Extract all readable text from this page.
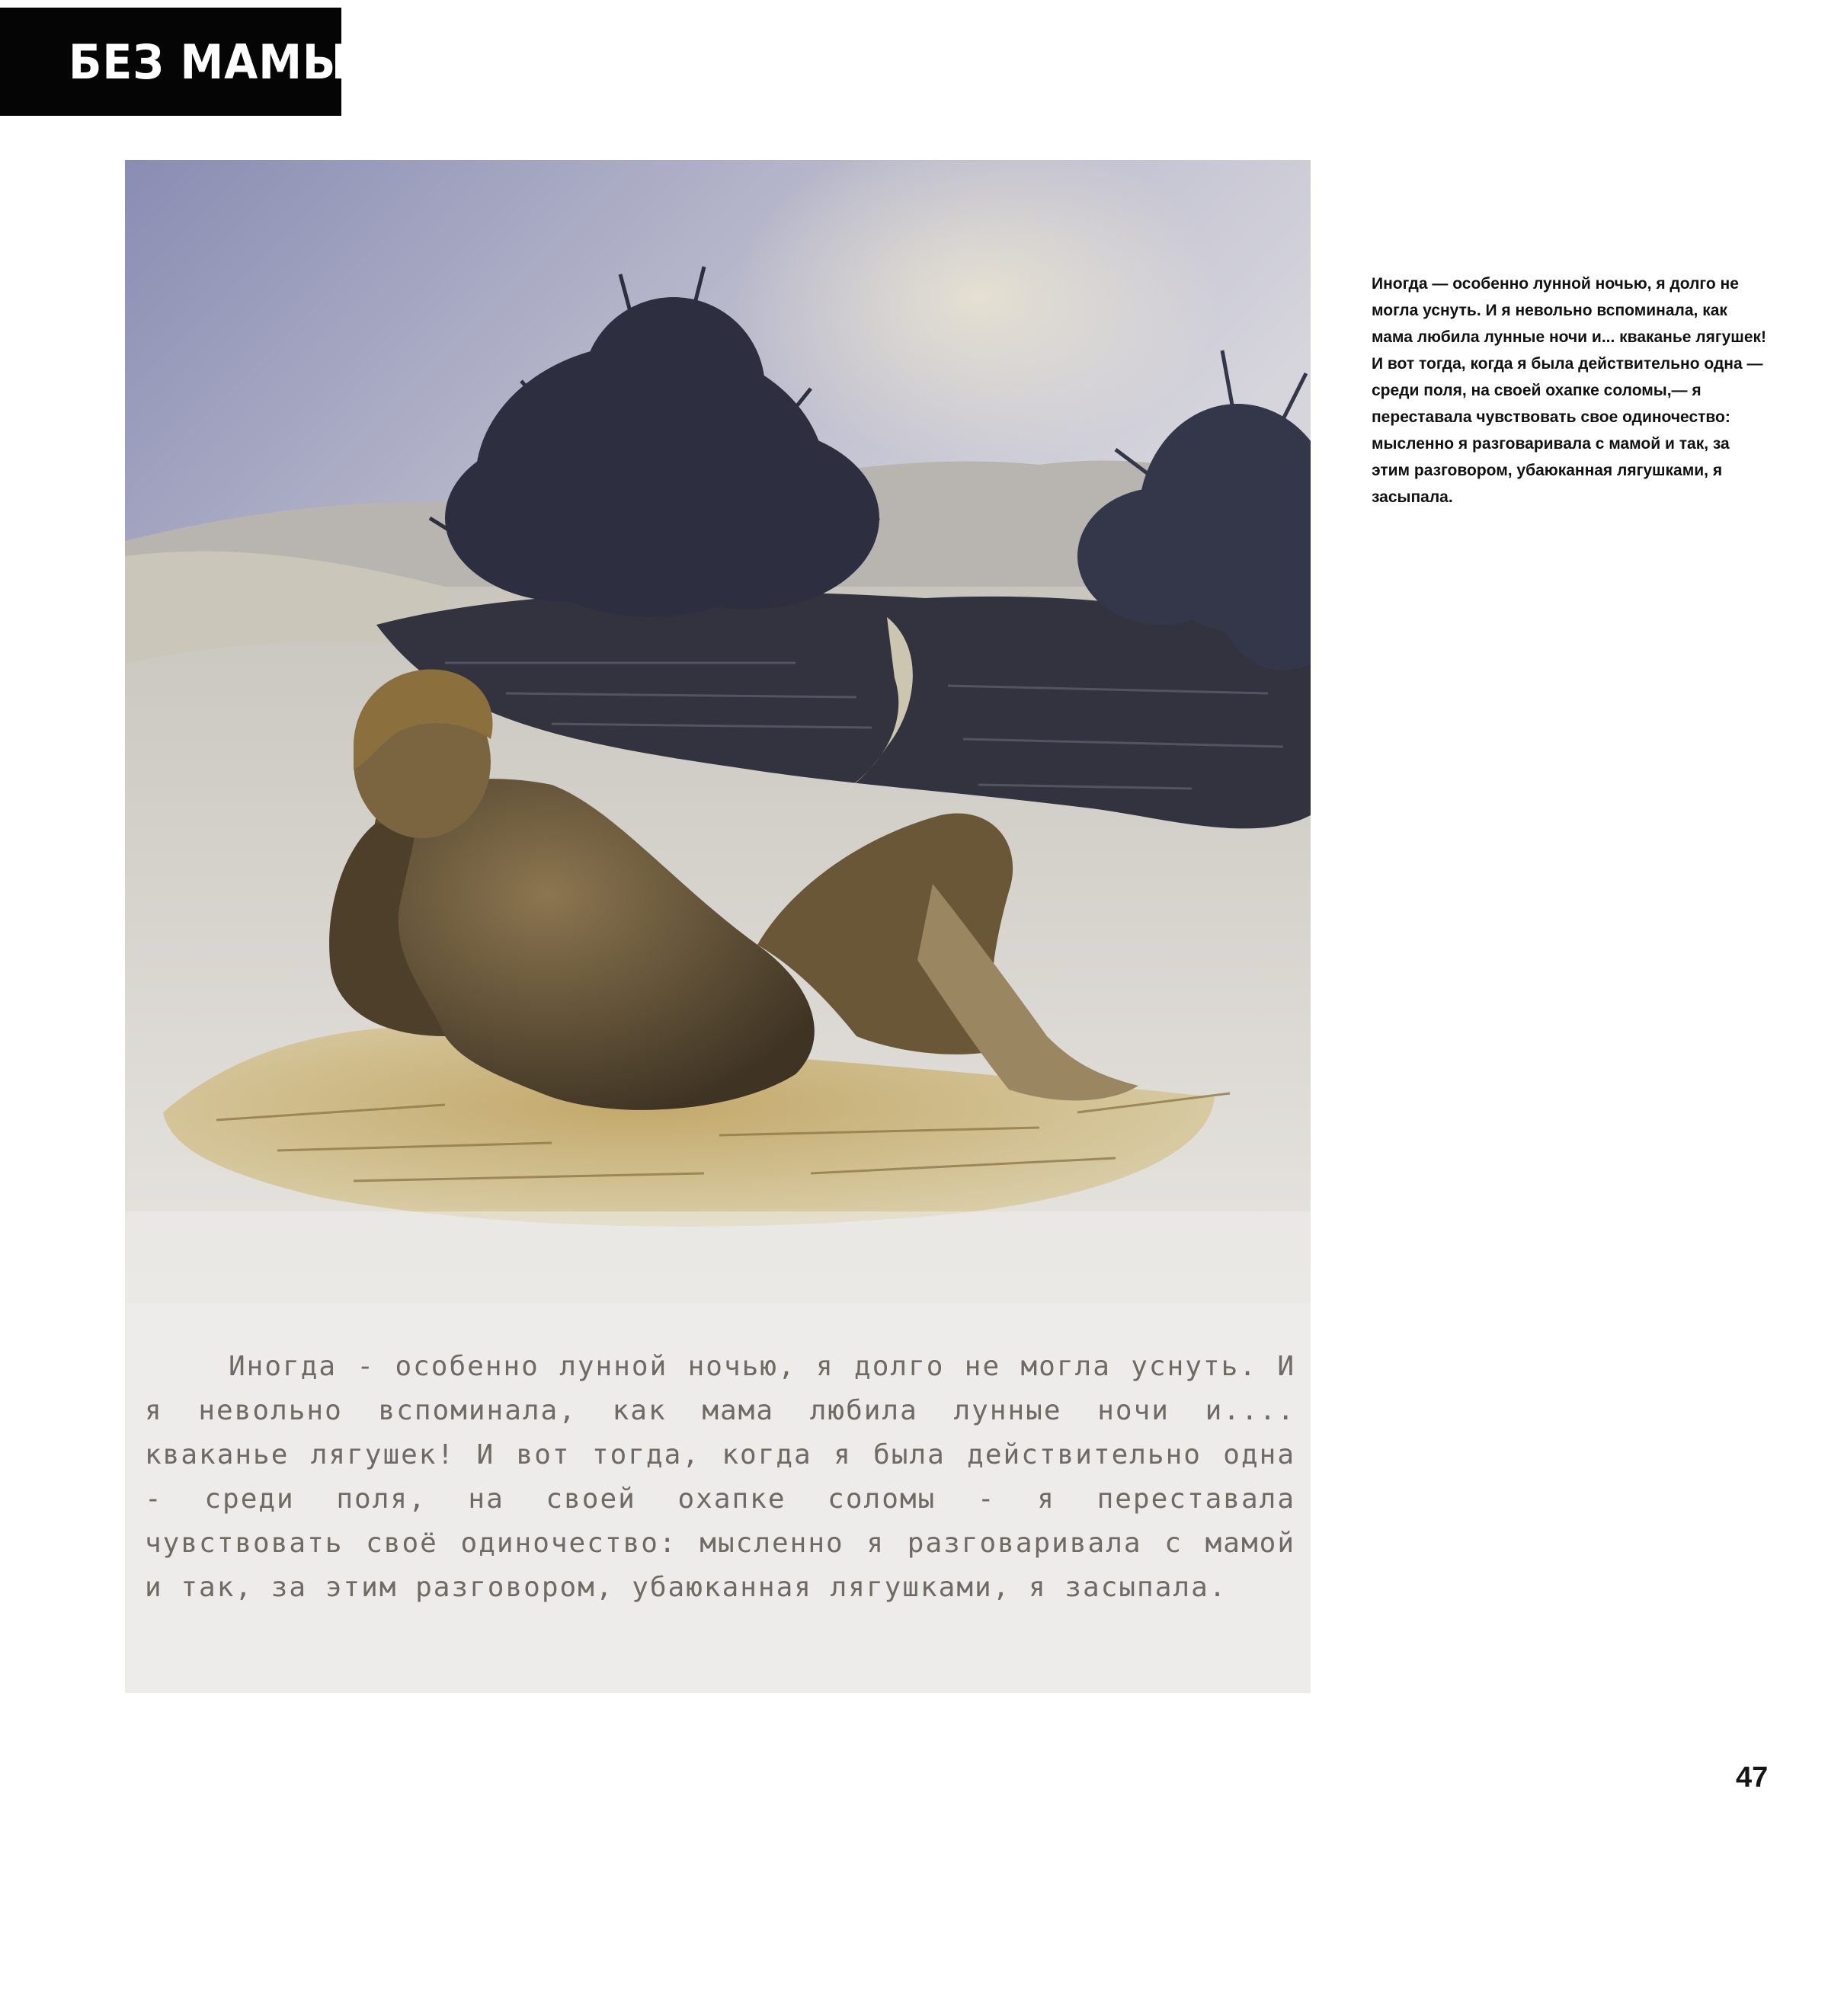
БЕЗ МАМЫ

Иногда - особенно лунной ночью, я долго не могла уснуть. И я невольно вспоминала, как мама любила лунные ночи и.... кваканье лягушек! И вот тогда, когда я была действительно одна - среди поля, на своей охапке соломы - я переставала чувствовать своё одиночество: мысленно я разговаривала с мамой и так, за этим разговором, убаюканная лягушками, я засыпала.

Иногда — особенно лунной ночью, я долго не могла уснуть. И я невольно вспоминала, как мама любила лунные ночи и... кваканье лягушек! И вот тогда, когда я была действительно одна — среди поля, на своей охапке соломы,— я переставала чувствовать свое одиночество: мысленно я разговаривала с мамой и так, за этим разговором, убаюканная лягушками, я засыпала.

47
